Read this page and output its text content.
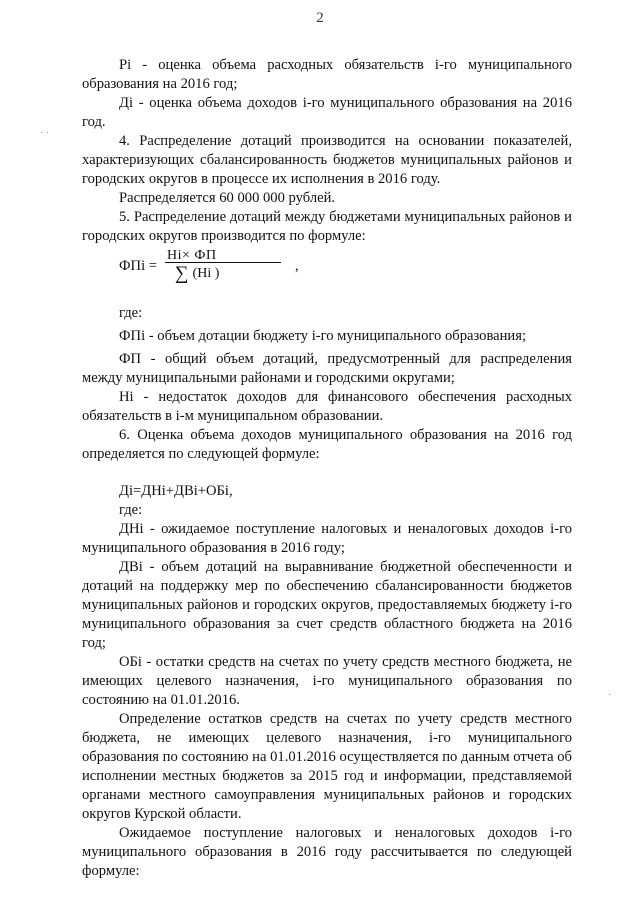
2

Pi - оценка объема расходных обязательств i-го муниципального образования на 2016 год;

Дi - оценка объема доходов i-го муниципального образования на 2016 год.

4. Распределение дотаций производится на основании показателей, характеризующих сбалансированность бюджетов муниципальных районов и городских округов в процессе их исполнения в 2016 году.

Распределяется 60 000 000 рублей.

5. Распределение дотаций между бюджетами муниципальных районов и городских округов производится по формуле:

ФПi =
Hi× ФП
∑ (Hi )	,

где:

ФПi - объем дотации бюджету i-го муниципального образования;

ФП - общий объем дотаций, предусмотренный для распределения между муниципальными районами и городскими округами;

Hi - недостаток доходов для финансового обеспечения расходных обязательств в i-м муниципальном образовании.

6. Оценка объема доходов муниципального образования на 2016 год определяется по следующей формуле:

Дi=ДНi+ДВi+ОБi,

где:

ДНi - ожидаемое поступление налоговых и неналоговых доходов i-го муниципального образования в 2016 году;

ДВi - объем дотаций на выравнивание бюджетной обеспеченности и дотаций на поддержку мер по обеспечению сбалансированности бюджетов муниципальных районов и городских округов, предоставляемых бюджету i-го муниципального образования за счет средств областного бюджета на 2016 год;

ОБi - остатки средств на счетах по учету средств местного бюджета, не имеющих целевого назначения, i-го муниципального образования по состоянию на 01.01.2016.

Определение остатков средств на счетах по учету средств местного бюджета, не имеющих целевого назначения, i-го муниципального образования по состоянию на 01.01.2016 осуществляется по данным отчета об исполнении местных бюджетов за 2015 год и информации, представляемой органами местного самоуправления муниципальных районов и городских округов Курской области.

Ожидаемое поступление налоговых и неналоговых доходов i-го муниципального образования в 2016 году рассчитывается по следующей формуле:

· ·
·
